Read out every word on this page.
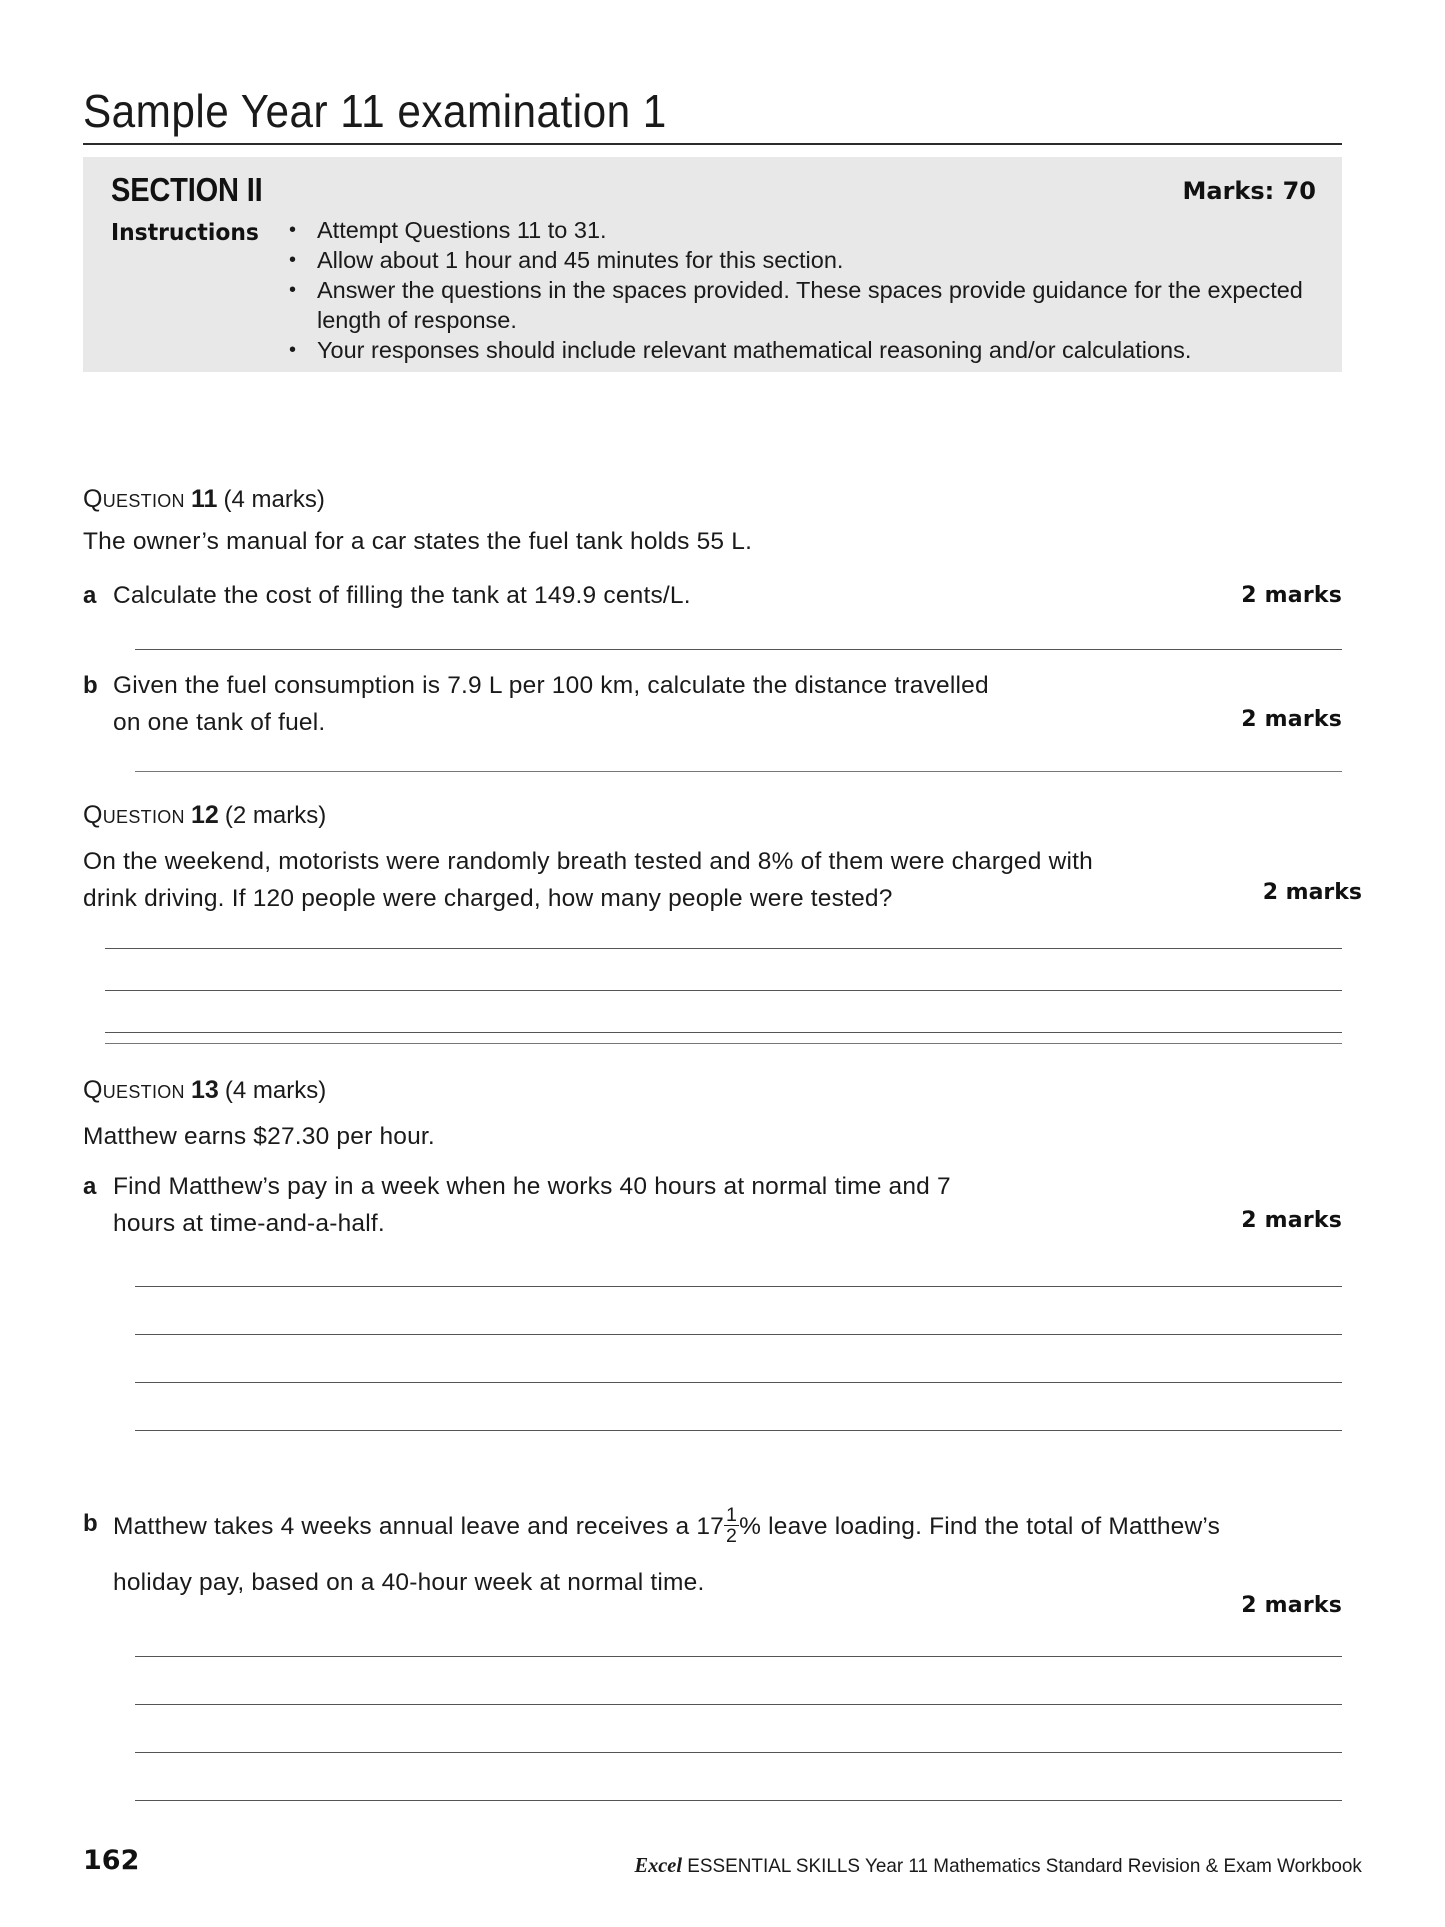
Sample Year 11 examination 1
SECTION II	Marks: 70
Instructions • Attempt Questions 11 to 31.
• Allow about 1 hour and 45 minutes for this section.
• Answer the questions in the spaces provided. These spaces provide guidance for the expected length of response.
• Your responses should include relevant mathematical reasoning and/or calculations.
Question 11 (4 marks)
The owner’s manual for a car states the fuel tank holds 55 L.
a Calculate the cost of filling the tank at 149.9 cents/L.	2 marks
b Given the fuel consumption is 7.9 L per 100 km, calculate the distance travelled on one tank of fuel.	2 marks
Question 12 (2 marks)
On the weekend, motorists were randomly breath tested and 8% of them were charged with drink driving. If 120 people were charged, how many people were tested?	2 marks
Question 13 (4 marks)
Matthew earns $27.30 per hour.
a Find Matthew’s pay in a week when he works 40 hours at normal time and 7 hours at time-and-a-half.	2 marks
b Matthew takes 4 weeks annual leave and receives a $17 \frac{1}{2}$ % leave loading. Find the total of Matthew’s
holiday pay, based on a 40-hour week at normal time.
2 marks
162	Excel ESSENTIAL SKILLS Year 11 Mathematics Standard Revision & Exam Workbook
